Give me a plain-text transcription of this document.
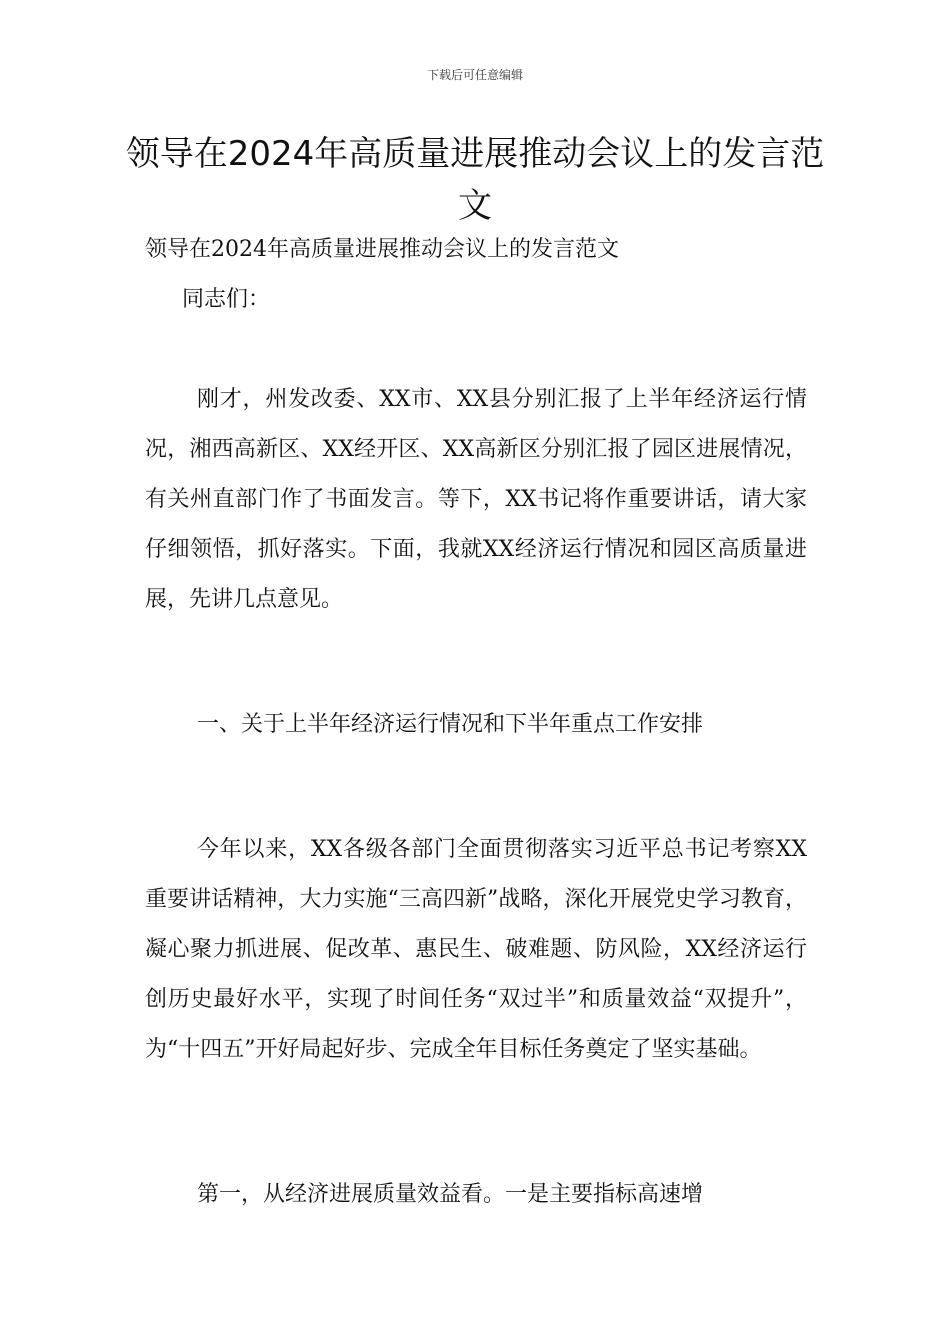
下载后可任意编辑
领导在2024年高质量进展推动会议上的发言范文
领导在2024年高质量进展推动会议上的发言范文
同志们：

刚才，州发改委、XX市、XX县分别汇报了上半年经济运行情况，湘西高新区、XX经开区、XX高新区分别汇报了园区进展情况，有关州直部门作了书面发言。等下，XX书记将作重要讲话，请大家仔细领悟，抓好落实。下面，我就XX经济运行情况和园区高质量进展，先讲几点意见。

一、关于上半年经济运行情况和下半年重点工作安排

今年以来，XX各级各部门全面贯彻落实习近平总书记考察XX重要讲话精神，大力实施“三高四新”战略，深化开展党史学习教育，凝心聚力抓进展、促改革、惠民生、破难题、防风险，XX经济运行创历史最好水平，实现了时间任务“双过半”和质量效益“双提升”，为“十四五”开好局起好步、完成全年目标任务奠定了坚实基础。

第一，从经济进展质量效益看。一是主要指标高速增
